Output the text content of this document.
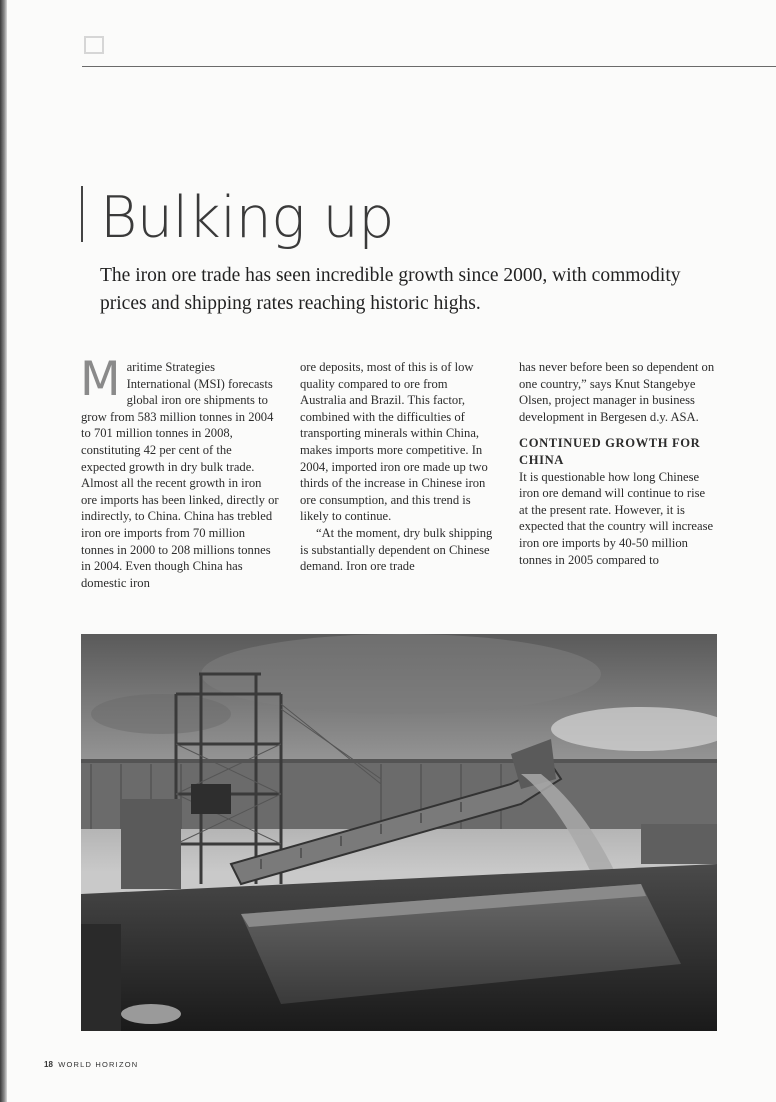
Bulking up

The iron ore trade has seen incredible growth since 2000, with commodity prices and shipping rates reaching historic highs.

Maritime Strategies International (MSI) forecasts global iron ore shipments to grow from 583 million tonnes in 2004 to 701 million tonnes in 2008, constituting 42 per cent of the expected growth in dry bulk trade. Almost all the recent growth in iron ore imports has been linked, directly or indirectly, to China. China has trebled iron ore imports from 70 million tonnes in 2000 to 208 millions tonnes in 2004. Even though China has domestic iron

ore deposits, most of this is of low quality compared to ore from Australia and Brazil. This factor, combined with the difficulties of transporting minerals within China, makes imports more competitive. In 2004, imported iron ore made up two thirds of the increase in Chinese iron ore consumption, and this trend is likely to continue.

“At the moment, dry bulk shipping is substantially dependent on Chinese demand. Iron ore trade

has never before been so dependent on one country,” says Knut Stangebye Olsen, project manager in business development in Bergesen d.y. ASA.

CONTINUED GROWTH FOR CHINA

It is questionable how long Chinese iron ore demand will continue to rise at the present rate. However, it is expected that the country will increase iron ore imports by 40-50 million tonnes in 2005 compared to

18 WORLD HORIZON
